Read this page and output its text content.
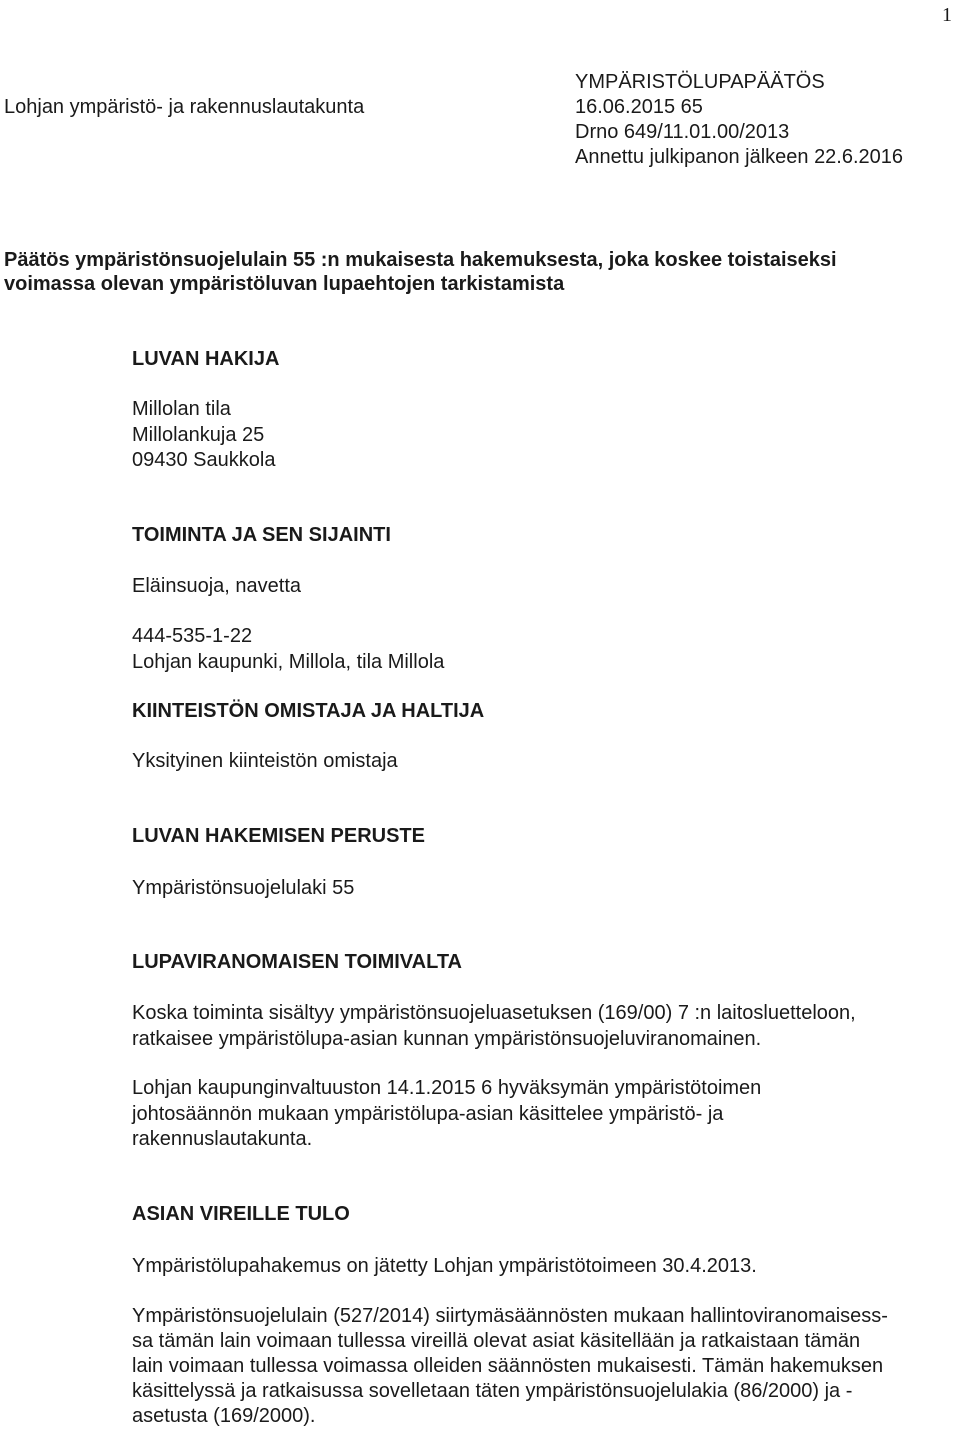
1
YMPÄRISTÖLUPAPÄÄTÖS
Lohjan ympäristö- ja rakennuslautakunta	16.06.2015 65
Drno 649/11.01.00/2013
Annettu julkipanon jälkeen 22.6.2016
Päätös ympäristönsuojelulain 55 :n mukaisesta hakemuksesta, joka koskee toistaiseksi
voimassa olevan ympäristöluvan lupaehtojen tarkistamista
LUVAN HAKIJA
Millolan tila
Millolankuja 25
09430 Saukkola
TOIMINTA JA SEN SIJAINTI
Eläinsuoja, navetta
444-535-1-22
Lohjan kaupunki, Millola, tila Millola
KIINTEISTÖN OMISTAJA JA HALTIJA
Yksityinen kiinteistön omistaja
LUVAN HAKEMISEN PERUSTE
Ympäristönsuojelulaki 55
LUPAVIRANOMAISEN TOIMIVALTA
Koska toiminta sisältyy ympäristönsuojeluasetuksen (169/00) 7 :n laitosluetteloon,
ratkaisee ympäristölupa-asian kunnan ympäristönsuojeluviranomainen.
Lohjan kaupunginvaltuuston 14.1.2015 6 hyväksymän ympäristötoimen
johtosäännön mukaan ympäristölupa-asian käsittelee ympäristö- ja
rakennuslautakunta.
ASIAN VIREILLE TULO
Ympäristölupahakemus on jätetty Lohjan ympäristötoimeen 30.4.2013.
Ympäristönsuojelulain (527/2014) siirtymäsäännösten mukaan hallintoviranomaisess-
sa tämän lain voimaan tullessa vireillä olevat asiat käsitellään ja ratkaistaan tämän
lain voimaan tullessa voimassa olleiden säännösten mukaisesti. Tämän hakemuksen
käsittelyssä ja ratkaisussa sovelletaan täten ympäristönsuojelulakia (86/2000) ja -
asetusta (169/2000).
